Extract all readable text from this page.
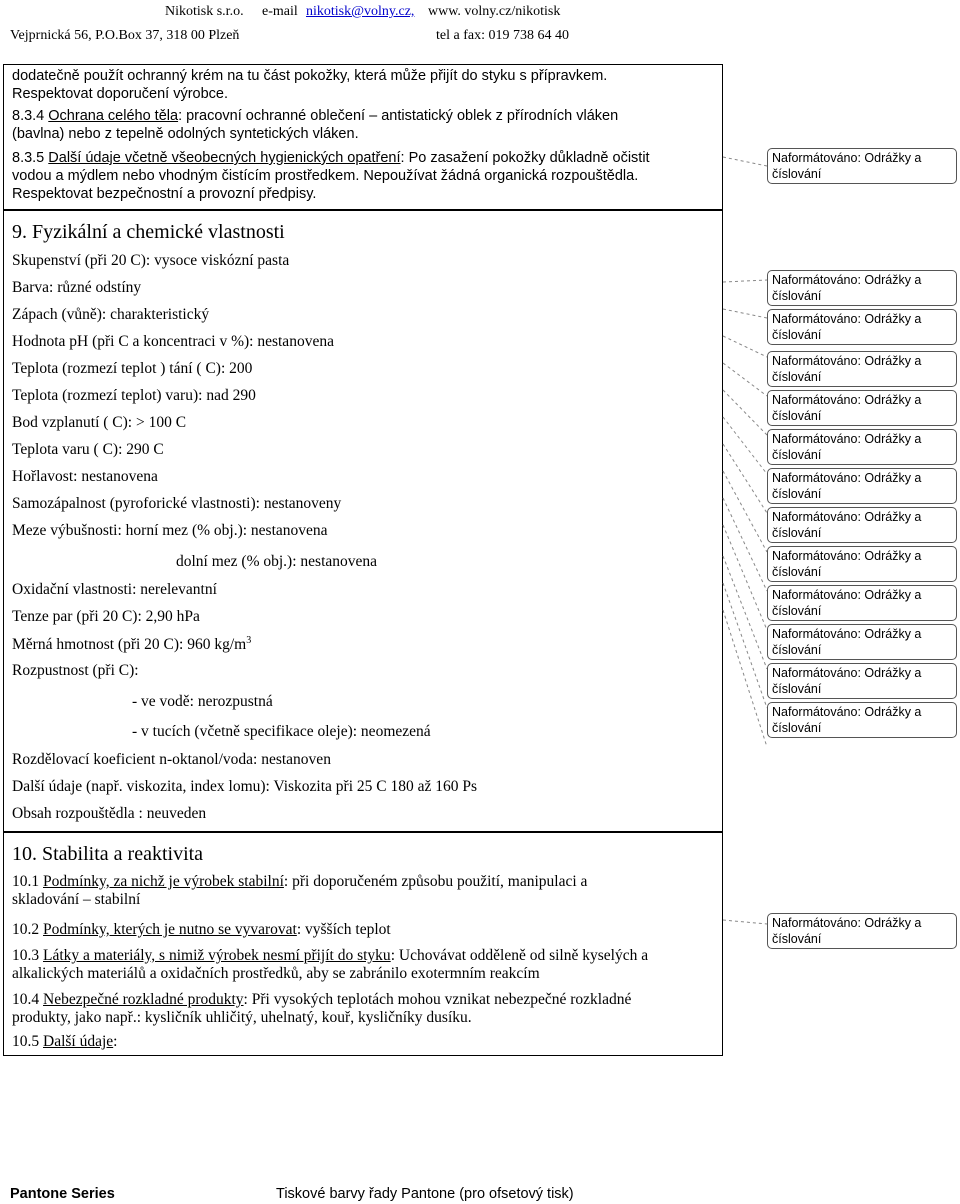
Nikotisk s.r.o. e-mail nikotisk@volny.cz, www. volny.cz/nikotisk
Vejprnická 56, P.O.Box 37, 318 00 Plzeň	tel a fax: 019 738 64 40
dodatečně použít ochranný krém na tu část pokožky, která může přijít do styku s přípravkem.
Respektovat doporučení výrobce.
8.3.4 Ochrana celého těla: pracovní ochranné oblečení – antistatický oblek z přírodních vláken
(bavlna) nebo z tepelně odolných syntetických vláken.
8.3.5 Další údaje včetně všeobecných hygienických opatření: Po zasažení pokožky důkladně očistit
vodou a mýdlem nebo vhodným čistícím prostředkem. Nepoužívat žádná organická rozpouštědla.
Respektovat bezpečnostní a provozní předpisy.
9. Fyzikální a chemické vlastnosti
Skupenství (při 20 C): vysoce viskózní pasta
Barva: různé odstíny
Zápach (vůně): charakteristický
Hodnota pH (při C a koncentraci v %): nestanovena
Teplota (rozmezí teplot ) tání ( C): 200
Teplota (rozmezí teplot) varu): nad 290
Bod vzplanutí ( C): > 100 C
Teplota varu ( C): 290 C
Hořlavost: nestanovena
Samozápalnost (pyroforické vlastnosti): nestanoveny
Meze výbušnosti: horní mez (% obj.): nestanovena
dolní mez (% obj.): nestanovena
Oxidační vlastnosti: nerelevantní
Tenze par (při 20 C): 2,90 hPa
Měrná hmotnost (při 20 C): 960 $kg/m^3$
Rozpustnost (při C):
- ve vodě: nerozpustná
- v tucích (včetně specifikace oleje): neomezená
Rozdělovací koeficient n-oktanol/voda: nestanoven
Další údaje (např. viskozita, index lomu): Viskozita při 25 C 180 až 160 Ps
Obsah rozpouštědla : neuveden
10. Stabilita a reaktivita
10.1 Podmínky, za nichž je výrobek stabilní: při doporučeném způsobu použití, manipulaci a
skladování – stabilní
10.2 Podmínky, kterých je nutno se vyvarovat: vyšších teplot
10.3 Látky a materiály, s nimiž výrobek nesmí přijít do styku: Uchovávat odděleně od silně kyselých a
alkalických materiálů a oxidačních prostředků, aby se zabránilo exotermním reakcím
10.4 Nebezpečné rozkladné produkty: Při vysokých teplotách mohou vznikat nebezpečné rozkladné
produkty, jako např.: kysličník uhličitý, uhelnatý, kouř, kysličníky dusíku.
10.5 Další údaje:
Naformátováno: Odrážky a
číslování
Naformátováno: Odrážky a
číslování
Naformátováno: Odrážky a
číslování
Naformátováno: Odrážky a
číslování
Naformátováno: Odrážky a
číslování
Naformátováno: Odrážky a
číslování
Naformátováno: Odrážky a
číslování
Naformátováno: Odrážky a
číslování
Naformátováno: Odrážky a
číslování
Naformátováno: Odrážky a
číslování
Naformátováno: Odrážky a
číslování
Naformátováno: Odrážky a
číslování
Naformátováno: Odrážky a
číslování
Naformátováno: Odrážky a
číslování
Pantone Series	Tiskové barvy řady Pantone (pro ofsetový tisk)
